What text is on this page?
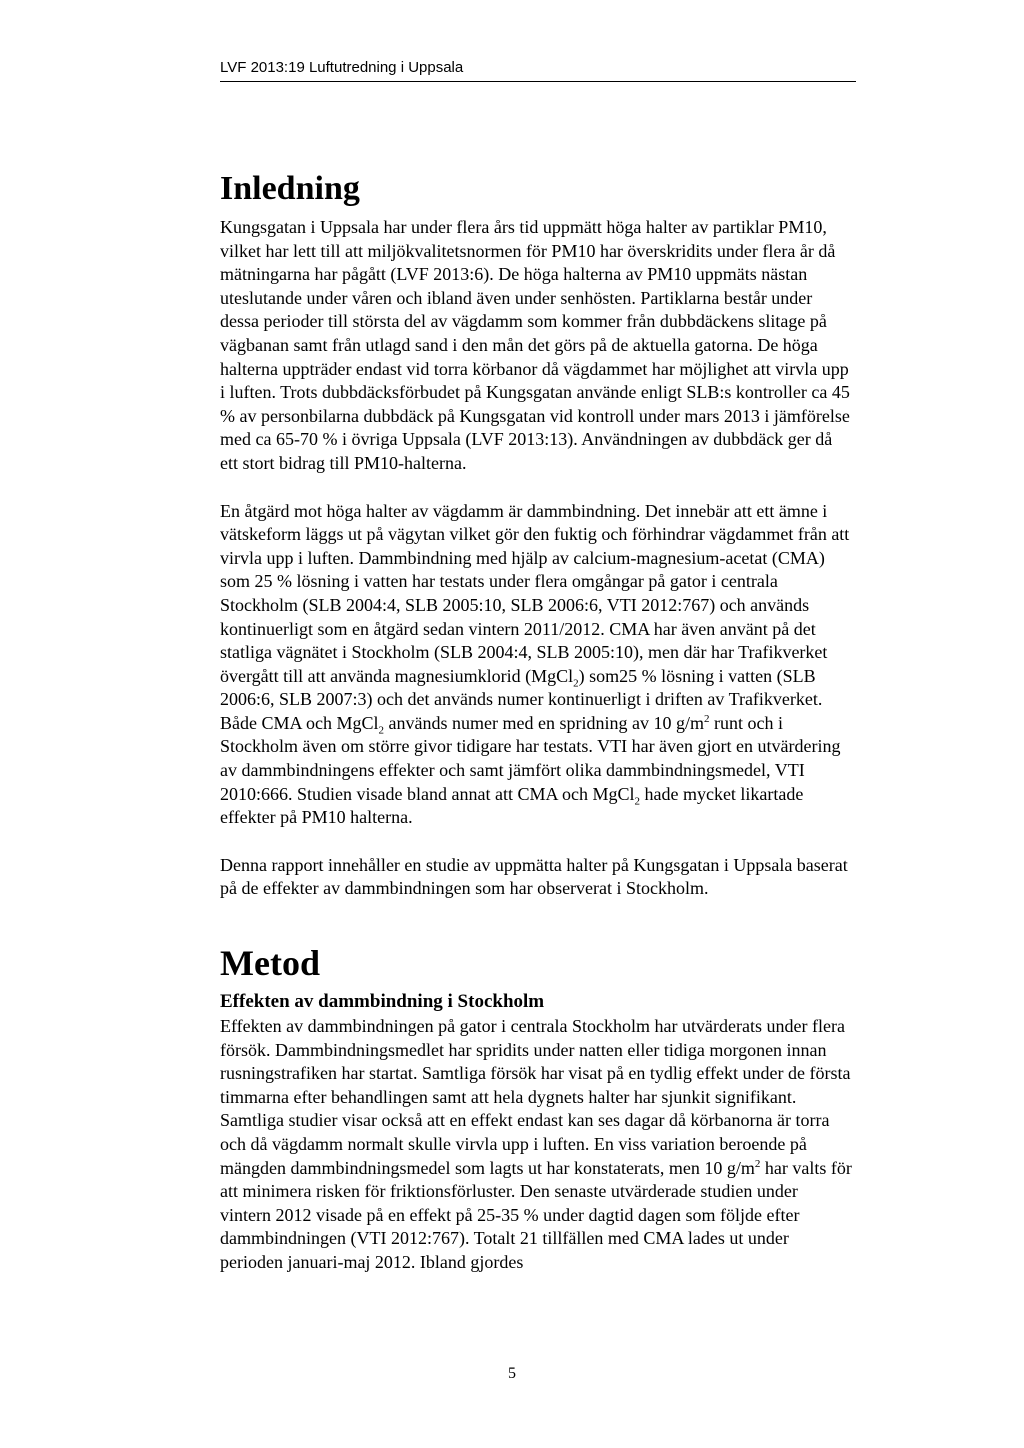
LVF 2013:19 Luftutredning i Uppsala
Inledning

Kungsgatan i Uppsala har under flera års tid uppmätt höga halter av partiklar PM10, vilket har lett till att miljökvalitetsnormen för PM10 har överskridits under flera år då mätningarna har pågått (LVF 2013:6). De höga halterna av PM10 uppmäts nästan uteslutande under våren och ibland även under senhösten. Partiklarna består under dessa perioder till största del av vägdamm som kommer från dubbdäckens slitage på vägbanan samt från utlagd sand i den mån det görs på de aktuella gatorna. De höga halterna uppträder endast vid torra körbanor då vägdammet har möjlighet att virvla upp i luften. Trots dubbdäcksförbudet på Kungsgatan använde enligt SLB:s kontroller ca 45 % av personbilarna dubbdäck på Kungsgatan vid kontroll under mars 2013 i jämförelse med ca 65-70 % i övriga Uppsala (LVF 2013:13). Användningen av dubbdäck ger då ett stort bidrag till PM10-halterna.

En åtgärd mot höga halter av vägdamm är dammbindning. Det innebär att ett ämne i vätskeform läggs ut på vägytan vilket gör den fuktig och förhindrar vägdammet från att virvla upp i luften. Dammbindning med hjälp av calcium-magnesium-acetat (CMA) som 25 % lösning i vatten har testats under flera omgångar på gator i centrala Stockholm (SLB 2004:4, SLB 2005:10, SLB 2006:6, VTI 2012:767) och används kontinuerligt som en åtgärd sedan vintern 2011/2012. CMA har även använt på det statliga vägnätet i Stockholm (SLB 2004:4, SLB 2005:10), men där har Trafikverket övergått till att använda magnesiumklorid (MgCl$_2$) som25 % lösning i vatten (SLB 2006:6, SLB 2007:3) och det används numer kontinuerligt i driften av Trafikverket. Både CMA och MgCl$_2$ används numer med en spridning av 10 $g/m^2$ runt och i Stockholm även om större givor tidigare har testats. VTI har även gjort en utvärdering av dammbindningens effekter och samt jämfört olika dammbindningsmedel, VTI 2010:666. Studien visade bland annat att CMA och MgCl$_2$ hade mycket likartade effekter på PM10 halterna.

Denna rapport innehåller en studie av uppmätta halter på Kungsgatan i Uppsala baserat på de effekter av dammbindningen som har observerat i Stockholm.

Metod
Effekten av dammbindning i Stockholm

Effekten av dammbindningen på gator i centrala Stockholm har utvärderats under flera försök. Dammbindningsmedlet har spridits under natten eller tidiga morgonen innan rusningstrafiken har startat. Samtliga försök har visat på en tydlig effekt under de första timmarna efter behandlingen samt att hela dygnets halter har sjunkit signifikant. Samtliga studier visar också att en effekt endast kan ses dagar då körbanorna är torra och då vägdamm normalt skulle virvla upp i luften. En viss variation beroende på mängden dammbindningsmedel som lagts ut har konstaterats, men 10 $g/m^2$ har valts för att minimera risken för friktionsförluster. Den senaste utvärderade studien under vintern 2012 visade på en effekt på 25-35 % under dagtid dagen som följde efter dammbindningen (VTI 2012:767). Totalt 21 tillfällen med CMA lades ut under perioden januari-maj 2012. Ibland gjordes

5
